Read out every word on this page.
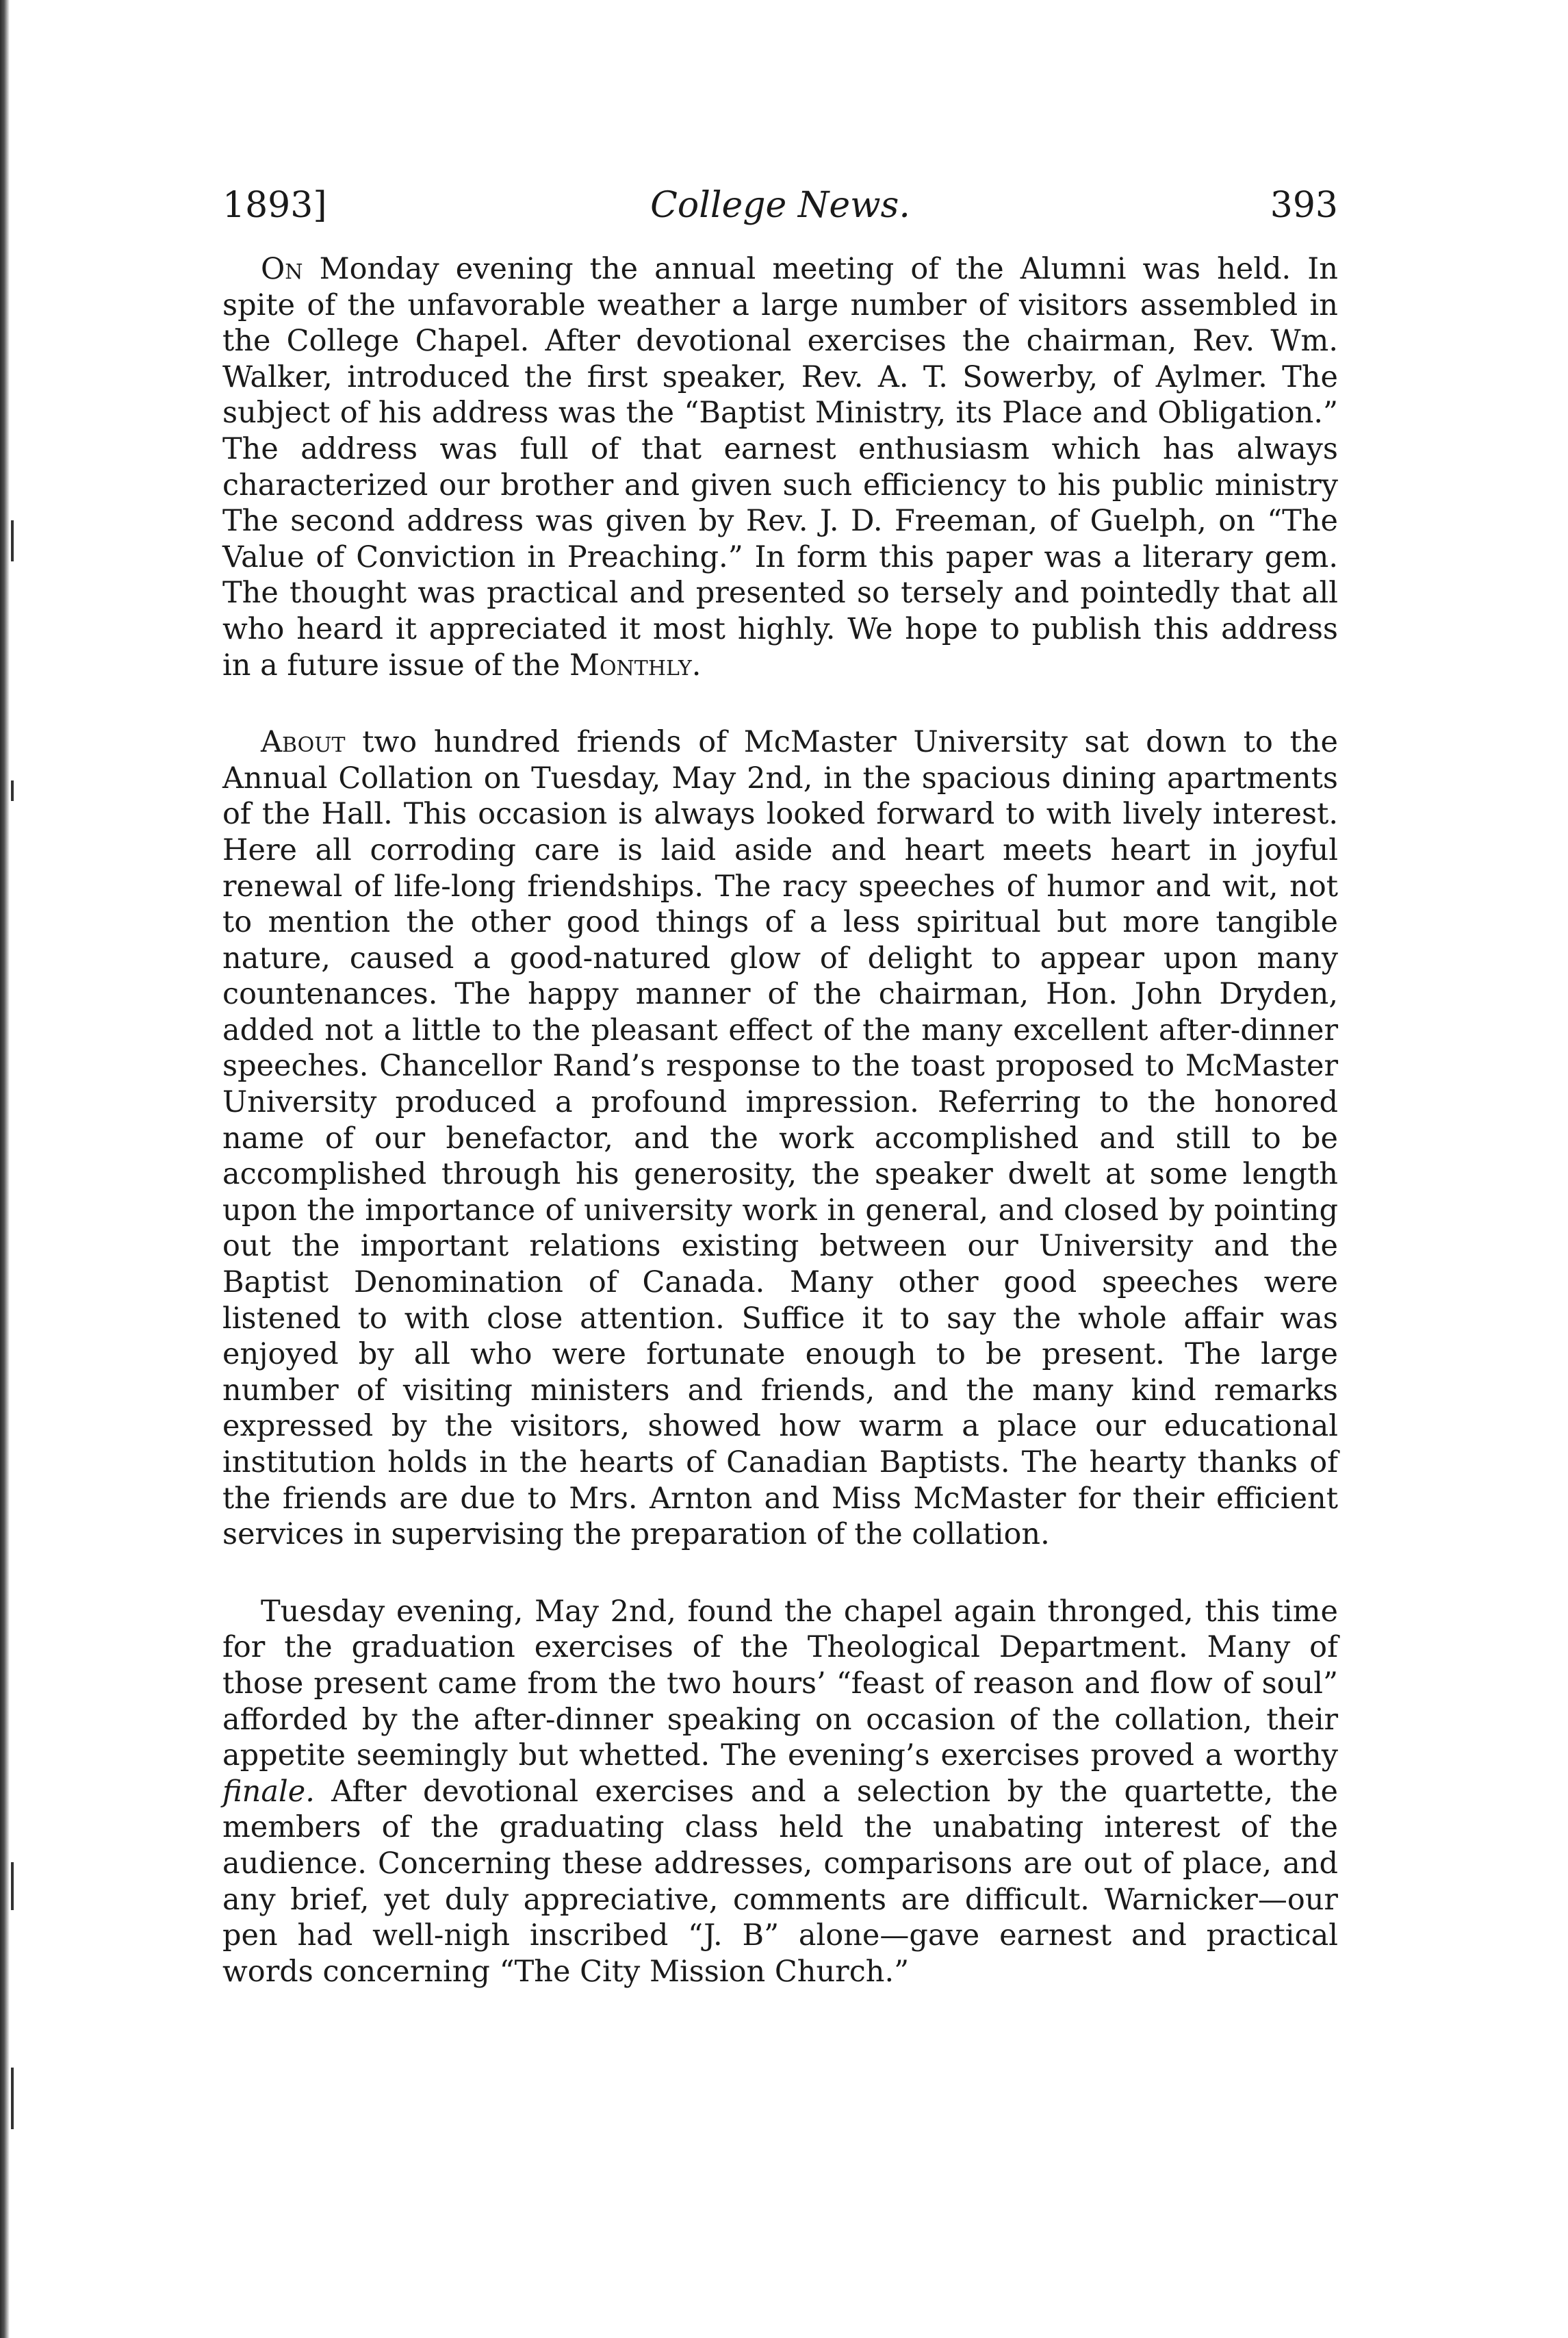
1893]	College News.	393

On Monday evening the annual meeting of the Alumni was held. In spite of the unfavorable weather a large number of visitors assembled in the College Chapel. After devotional exercises the chairman, Rev. Wm. Walker, introduced the first speaker, Rev. A. T. Sowerby, of Aylmer. The subject of his address was the “Baptist Ministry, its Place and Obligation.” The address was full of that earnest enthusiasm which has always characterized our brother and given such efficiency to his public ministry The second address was given by Rev. J. D. Freeman, of Guelph, on “The Value of Conviction in Preaching.” In form this paper was a literary gem. The thought was practical and presented so tersely and pointedly that all who heard it appreciated it most highly. We hope to publish this address in a future issue of the Monthly.

About two hundred friends of McMaster University sat down to the Annual Collation on Tuesday, May 2nd, in the spacious dining apartments of the Hall. This occasion is always looked forward to with lively interest. Here all corroding care is laid aside and heart meets heart in joyful renewal of life-long friendships. The racy speeches of humor and wit, not to mention the other good things of a less spiritual but more tangible nature, caused a good-natured glow of delight to appear upon many countenances. The happy manner of the chairman, Hon. John Dryden, added not a little to the pleasant effect of the many excellent after-dinner speeches. Chancellor Rand’s response to the toast proposed to McMaster University produced a profound impression. Referring to the honored name of our benefactor, and the work accomplished and still to be accomplished through his generosity, the speaker dwelt at some length upon the importance of university work in general, and closed by pointing out the important relations existing between our University and the Baptist Denomination of Canada. Many other good speeches were listened to with close attention. Suffice it to say the whole affair was enjoyed by all who were fortunate enough to be present. The large number of visiting ministers and friends, and the many kind remarks expressed by the visitors, showed how warm a place our educational institution holds in the hearts of Canadian Baptists. The hearty thanks of the friends are due to Mrs. Arnton and Miss McMaster for their efficient services in supervising the preparation of the collation.

Tuesday evening, May 2nd, found the chapel again thronged, this time for the graduation exercises of the Theological Department. Many of those present came from the two hours’ “feast of reason and flow of soul” afforded by the after-dinner speaking on occasion of the collation, their appetite seemingly but whetted. The evening’s exercises proved a worthy finale. After devotional exercises and a selection by the quartette, the members of the graduating class held the unabating interest of the audience. Concerning these addresses, comparisons are out of place, and any brief, yet duly appreciative, comments are difficult. Warnicker—our pen had well-nigh inscribed “J. B” alone—gave earnest and practical words concerning “The City Mission Church.”
